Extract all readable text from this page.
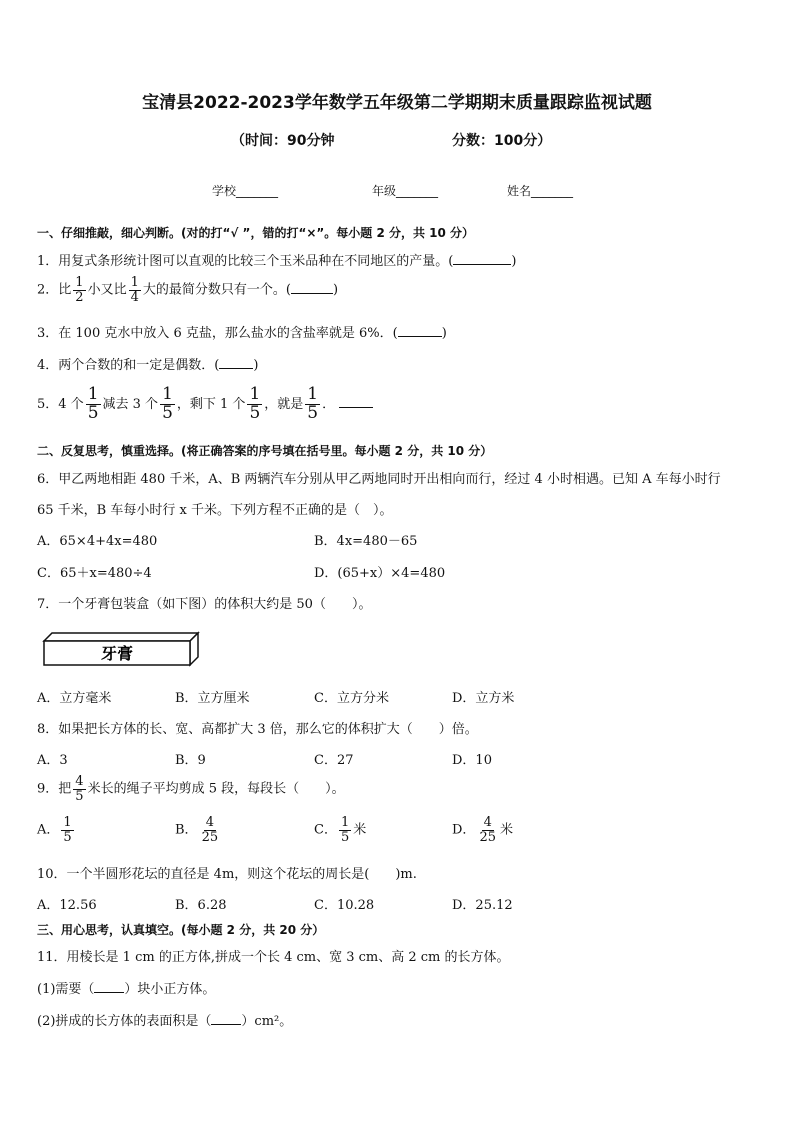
宝清县2022-2023学年数学五年级第二学期期末质量跟踪监视试题
（时间：90分钟	分数：100分）
学校_______	年级_______	姓名_______
一、仔细推敲，细心判断。(对的打“√ ”，错的打“×”。每小题 2 分，共 10 分）
1．用复式条形统计图可以直观的比较三个玉米品种在不同地区的产量。(	)
2．比 $\frac{1}{2}$ 小又比 $\frac{1}{4}$ 大的最简分数只有一个。(	)
3．在 100 克水中放入 6 克盐，那么盐水的含盐率就是 6%．(	)
4．两个合数的和一定是偶数．(	)
5．4 个 $\frac{1}{5}$ 减去 3 个 $\frac{1}{5}$ ，剩下 1 个 $\frac{1}{5}$ ，就是 $\frac{1}{5}$ ．
二、反复思考，慎重选择。(将正确答案的序号填在括号里。每小题 2 分，共 10 分）
6．甲乙两地相距 480 千米，A、B 两辆汽车分别从甲乙两地同时开出相向而行，经过 4 小时相遇。已知 A 车每小时行
65 千米，B 车每小时行 x 千米。下列方程不正确的是（　）。
A．65×4+4x=480	B．4x=480－65
C．65＋x=480÷4	D．(65+x）×4=480
7．一个牙膏包装盒（如下图）的体积大约是 50（　　）。
牙膏
A．立方毫米	B．立方厘米	C．立方分米	D．立方米
8．如果把长方体的长、宽、高都扩大 3 倍，那么它的体积扩大（　　）倍。
A．3	B．9	C．27	D．10
9．把 $\frac{4}{5}$ 米长的绳子平均剪成 5 段，每段长（　　）。
A． $\frac{1}{5}$	B． $\frac{4}{25}$	C． $\frac{1}{5}$ 米	D． $\frac{4}{25}$ 米
10．一个半圆形花坛的直径是 4m，则这个花坛的周长是(　　)m.
A．12.56	B．6.28	C．10.28	D．25.12
三、用心思考，认真填空。(每小题 2 分，共 20 分）
11．用棱长是 1 cm 的正方体,拼成一个长 4 cm、宽 3 cm、高 2 cm 的长方体。
(1)需要（ ）块小正方体。
(2)拼成的长方体的表面积是（ ）cm²。
